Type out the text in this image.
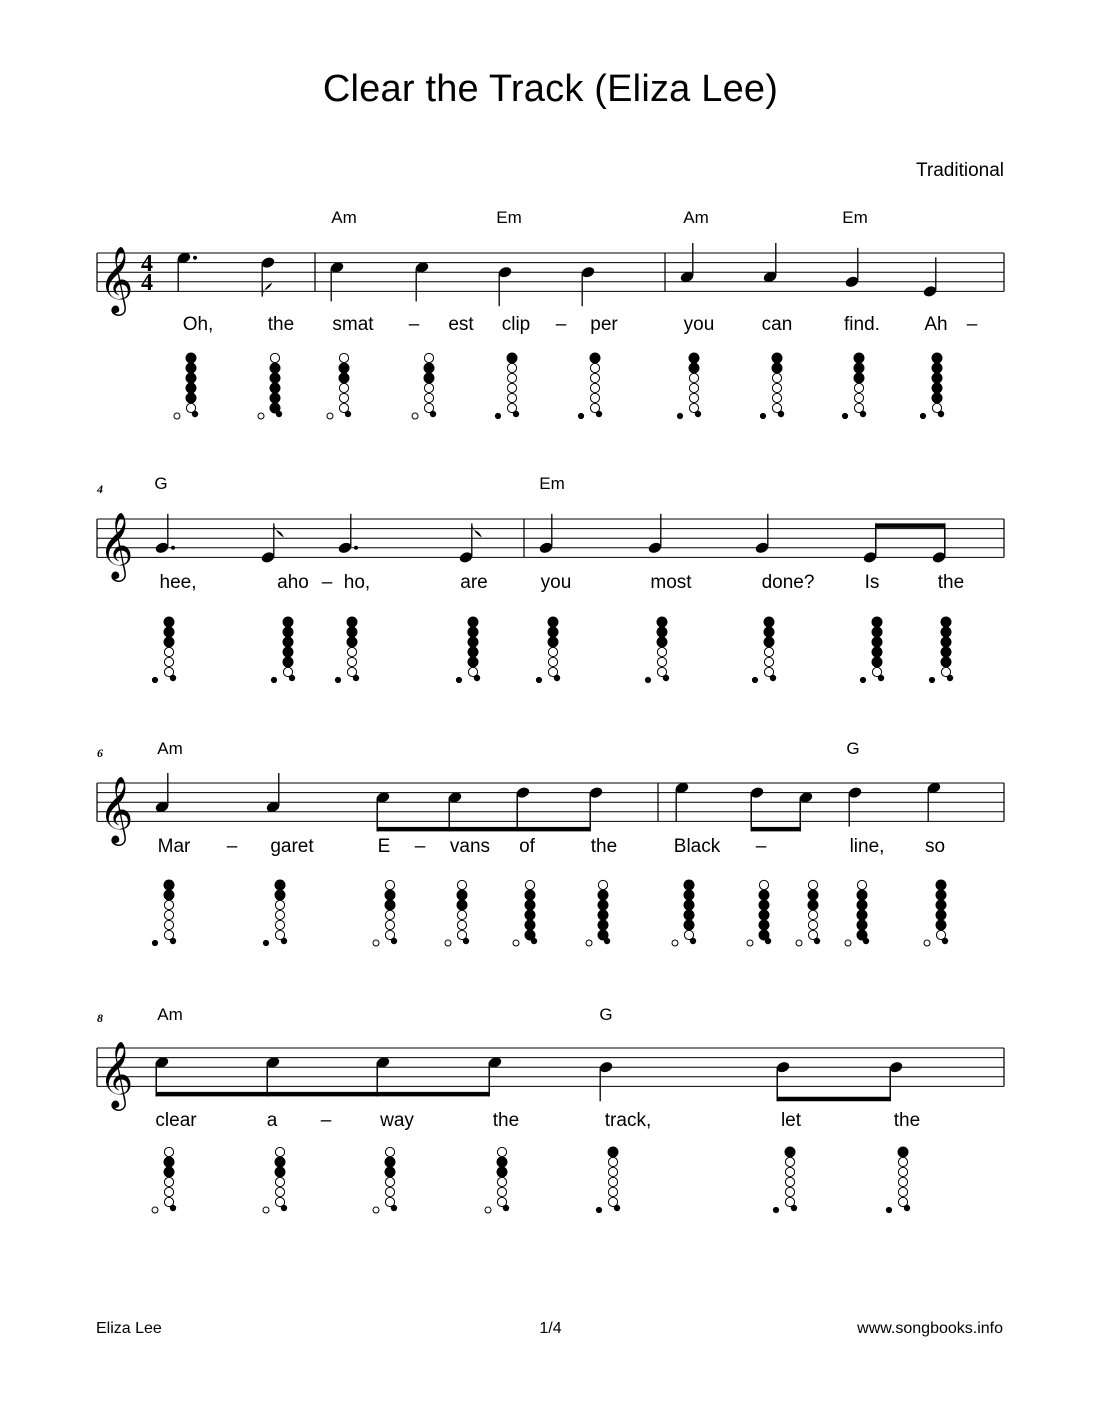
Clear the Track (Eliza Lee)
Traditional
𝄞 4
4
Am	Em	Am	Em
Oh,	the smat – est clip – per	you can	find. Ah –
𝄞
4	G	Em
hee,	aho – ho,	are	you	most	done?	Is	the
𝄞
6	Am	G
Mar – garet	E – vans of	the	Black –	line, so
𝄞
8	Am	G
clear	a –	way	the	track,	let	the
Eliza Lee	1/4	www.songbooks.info
